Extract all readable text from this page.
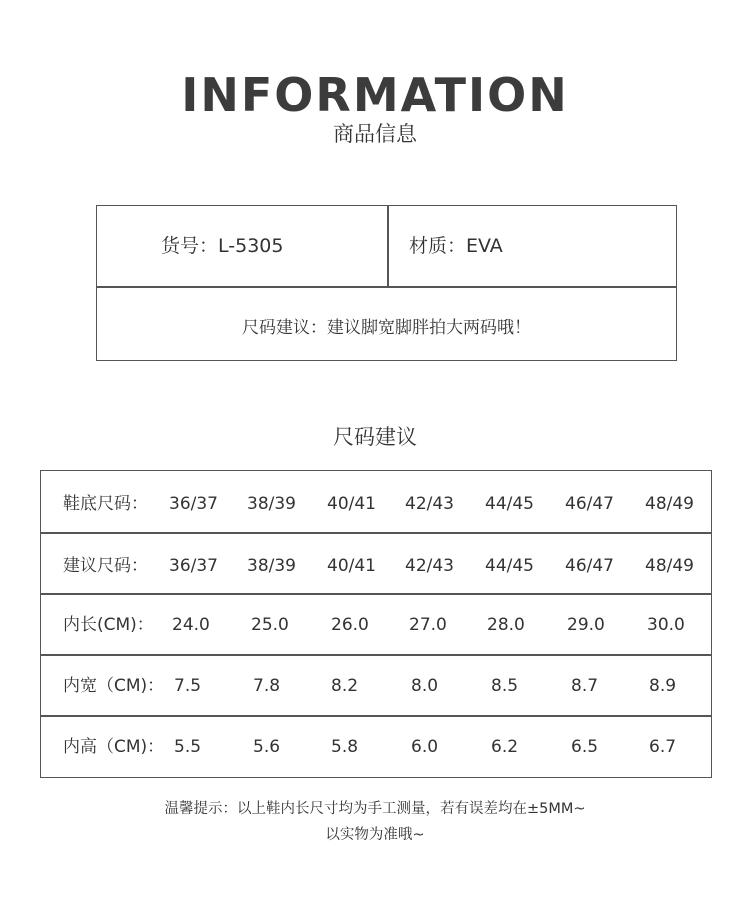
INFORMATION
商品信息
货号：L-5305	材质：EVA
尺码建议：建议脚宽脚胖拍大两码哦！
尺码建议
鞋底尺码： 36/37 38/39 40/41 42/43 44/45 46/47 48/49
建议尺码： 36/37 38/39 40/41 42/43 44/45 46/47 48/49
内长(CM)： 24.0 25.0 26.0 27.0 28.0 29.0 30.0
内宽（CM)： 7.5	7.8	8.2	8.0	8.5	8.7	8.9
内高（CM)： 5.5	5.6	5.8	6.0	6.2	6.5	6.7
温馨提示：以上鞋内长尺寸均为手工测量，若有误差均在±5MM~
以实物为准哦~
